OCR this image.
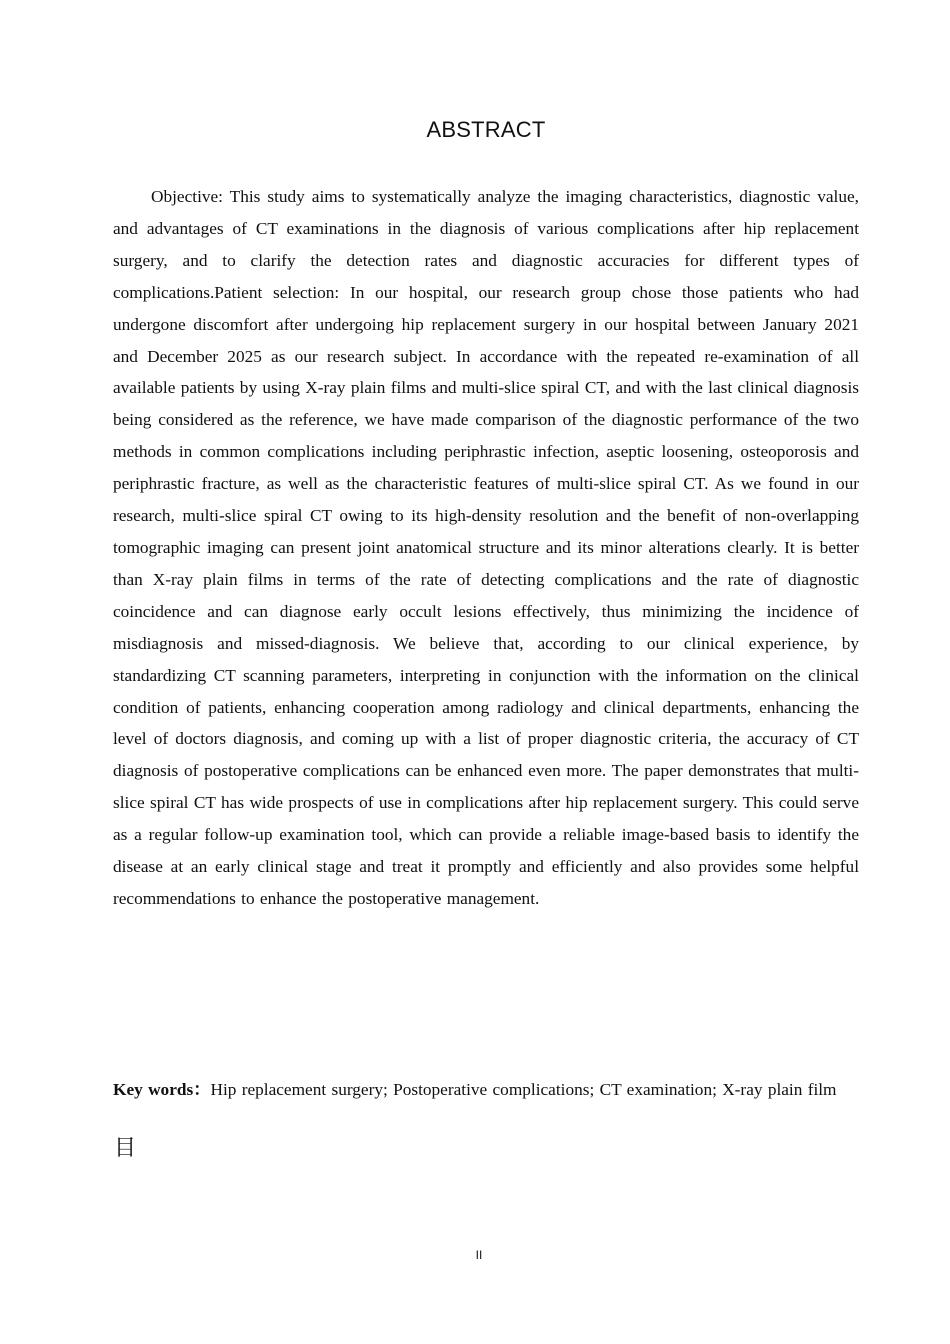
ABSTRACT

Objective: This study aims to systematically analyze the imaging characteristics, diagnostic value, and advantages of CT examinations in the diagnosis of various complications after hip replacement surgery, and to clarify the detection rates and diagnostic accuracies for different types of complications.Patient selection: In our hospital, our research group chose those patients who had undergone discomfort after undergoing hip replacement surgery in our hospital between January 2021 and December 2025 as our research subject. In accordance with the repeated re-examination of all available patients by using X-ray plain films and multi-slice spiral CT, and with the last clinical diagnosis being considered as the reference, we have made comparison of the diagnostic performance of the two methods in common complications including periphrastic infection, aseptic loosening, osteoporosis and periphrastic fracture, as well as the characteristic features of multi-slice spiral CT. As we found in our research, multi-slice spiral CT owing to its high-density resolution and the benefit of non-overlapping tomographic imaging can present joint anatomical structure and its minor alterations clearly. It is better than X-ray plain films in terms of the rate of detecting complications and the rate of diagnostic coincidence and can diagnose early occult lesions effectively, thus minimizing the incidence of misdiagnosis and missed-diagnosis. We believe that, according to our clinical experience, by standardizing CT scanning parameters, interpreting in conjunction with the information on the clinical condition of patients, enhancing cooperation among radiology and clinical departments, enhancing the level of doctors diagnosis, and coming up with a list of proper diagnostic criteria, the accuracy of CT diagnosis of postoperative complications can be enhanced even more. The paper demonstrates that multi-slice spiral CT has wide prospects of use in complications after hip replacement surgery. This could serve as a regular follow-up examination tool, which can provide a reliable image-based basis to identify the disease at an early clinical stage and treat it promptly and efficiently and also provides some helpful recommendations to enhance the postoperative management.

Key words：Hip replacement surgery; Postoperative complications; CT examination; X-ray plain film

目
II
